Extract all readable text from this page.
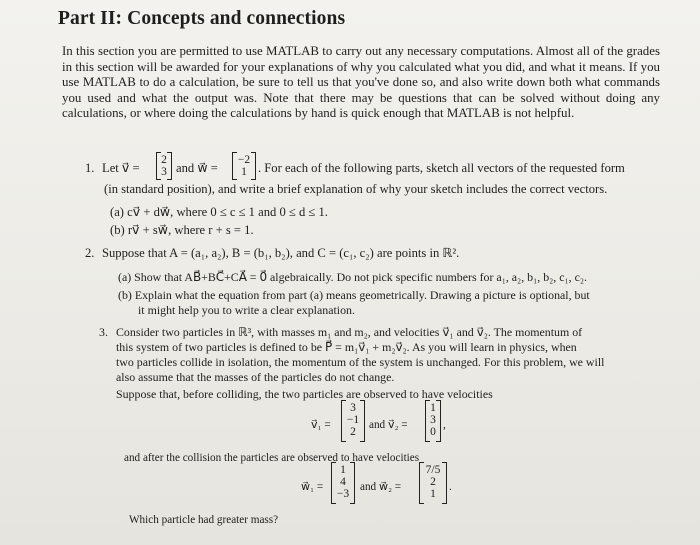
Part II: Concepts and connections
In this section you are permitted to use MATLAB to carry out any necessary computations. Almost all of the grades in this section will be awarded for your explanations of why you calculated what you did, and what it means. If you use MATLAB to do a calculation, be sure to tell us that you've done so, and also write down both what commands you used and what the output was. Note that there may be questions that can be solved without doing any calculations, or where doing the calculations by hand is quick enough that MATLAB is not helpful.
1. Let v⃗ =
2
3 and w⃗ =
−2
1 . For each of the following parts, sketch all vectors of the requested form
(in standard position), and write a brief explanation of why your sketch includes the correct vectors.
(a) cv⃗ + dw⃗, where 0 ≤ c ≤ 1 and 0 ≤ d ≤ 1.
(b) rv⃗ + sw⃗, where r + s = 1.
2. Suppose that A = (a₁, a₂), B = (b₁, b₂), and C = (c₁, c₂) are points in ℝ².
(a) Show that AB⃗+BC⃗+CA⃗ = 0⃗ algebraically. Do not pick specific numbers for a₁, a₂, b₁, b₂, c₁, c₂.
(b) Explain what the equation from part (a) means geometrically. Drawing a picture is optional, but
it might help you to write a clear explanation.
3. Consider two particles in ℝ³, with masses m₁ and m₂, and velocities v⃗₁ and v⃗₂. The momentum of
this system of two particles is defined to be P⃗ = m₁v⃗₁ + m₂v⃗₂. As you will learn in physics, when
two particles collide in isolation, the momentum of the system is unchanged. For this problem, we will
also assume that the masses of the particles do not change.
Suppose that, before colliding, the two particles are observed to have velocities
v⃗₁ =
3
−1
2
and v⃗₂ =
1
3
0
,
and after the collision the particles are observed to have velocities
w⃗₁ =
1
4
−3
and w⃗₂ =
7/5
2
1
.
Which particle had greater mass?
